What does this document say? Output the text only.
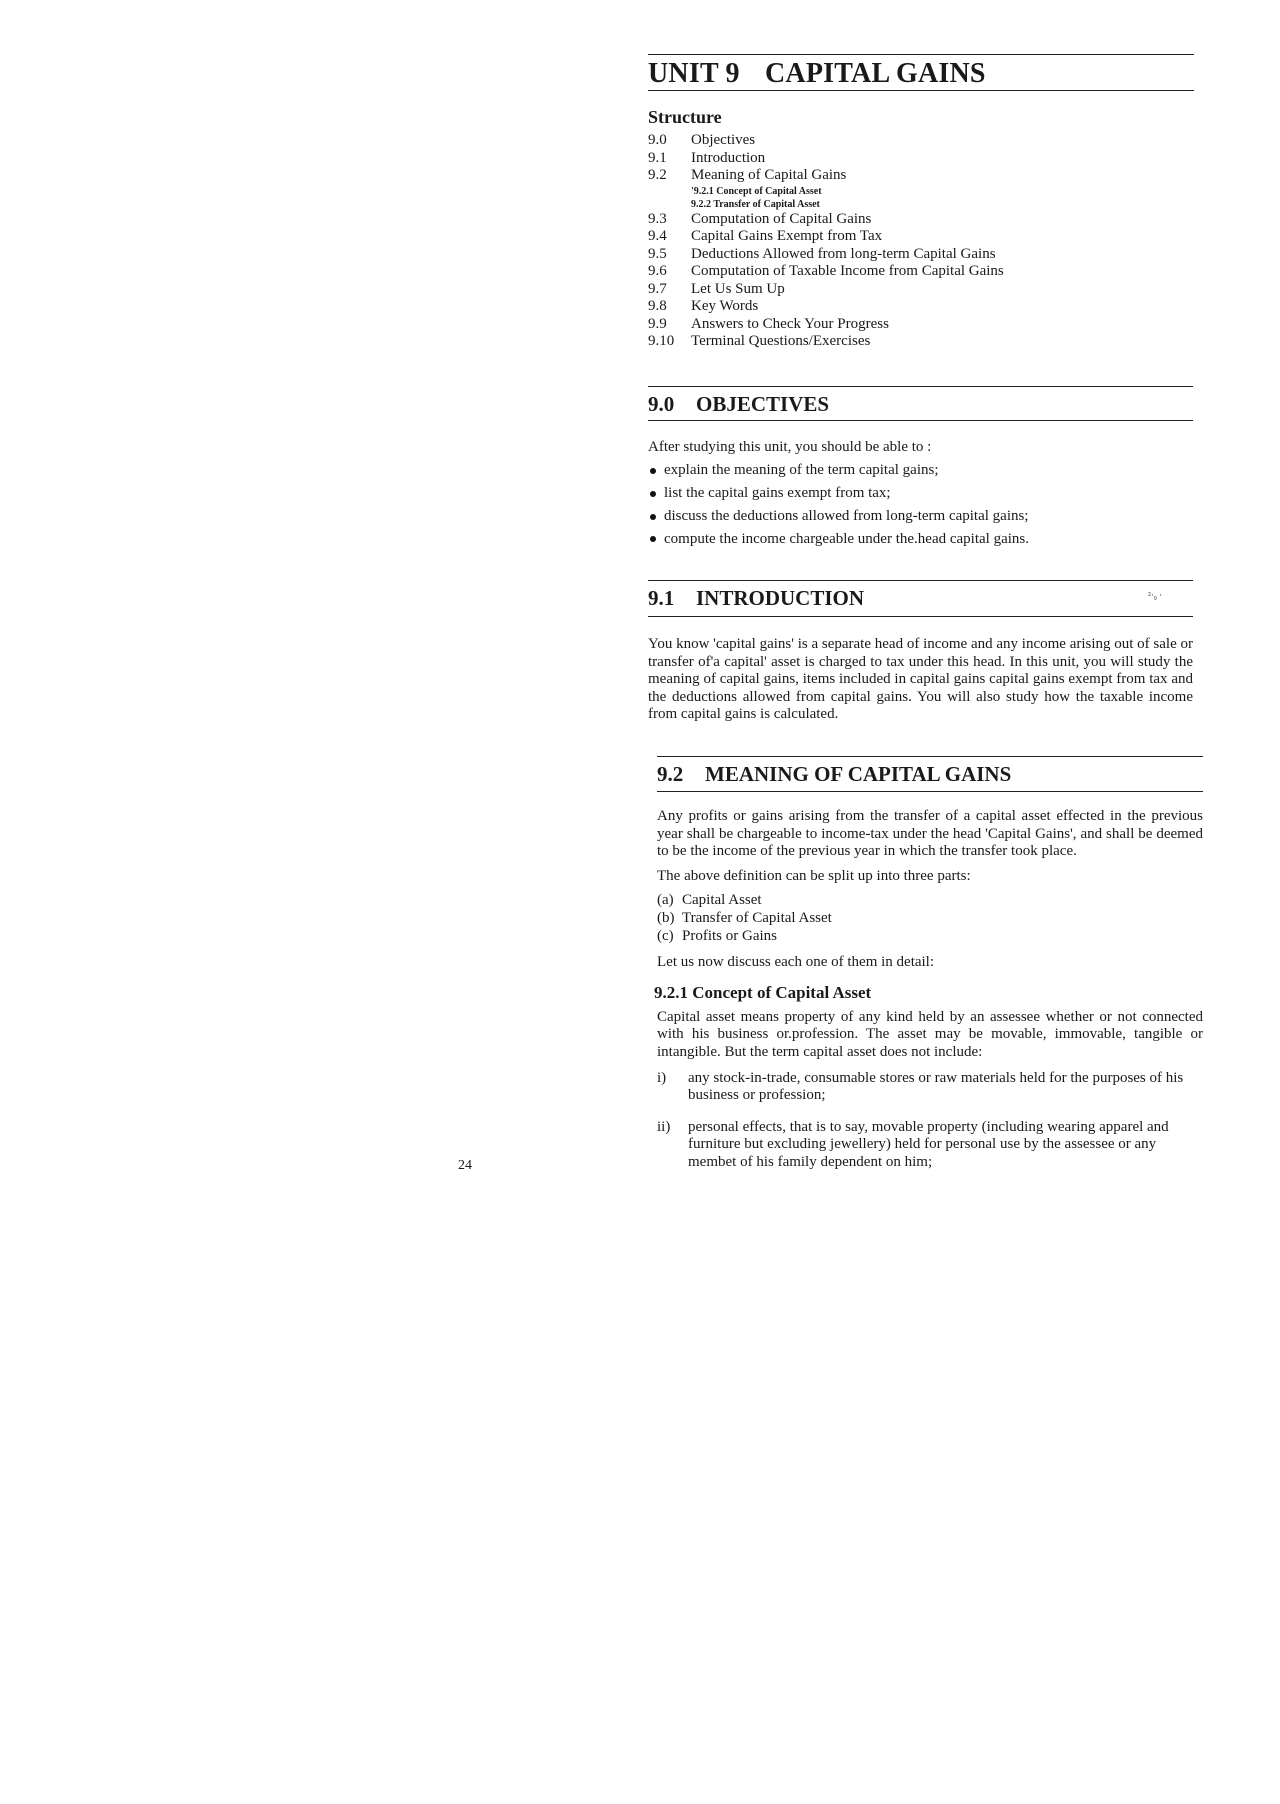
UNIT 9 CAPITAL GAINS
Structure
9.0	Objectives
9.1	Introduction
9.2	Meaning of Capital Gains
'9.2.1 Concept of Capital Asset
9.2.2 Transfer of Capital Asset
9.3	Computation of Capital Gains
9.4	Capital Gains Exempt from Tax
9.5	Deductions Allowed from long-term Capital Gains
9.6	Computation of Taxable Income from Capital Gains
9.7	Let Us Sum Up
9.8	Key Words
9.9	Answers to Check Your Progress
9.10	Terminal Questions/Exercises
9.0 OBJECTIVES

After studying this unit, you should be able to :

explain the meaning of the term capital gains;
list the capital gains exempt from tax;
discuss the deductions allowed from long-term capital gains;
compute the income chargeable under the.head capital gains.
9.1 INTRODUCTION	²·₉ ·

You know 'capital gains' is a separate head of income and any income arising out of sale or transfer of'a capital' asset is charged to tax under this head. In this unit, you will study the meaning of capital gains, items included in capital gains capital gains exempt from tax and the deductions allowed from capital gains. You will also study how the taxable income from capital gains is calculated.

9.2 MEANING OF CAPITAL GAINS

Any profits or gains arising from the transfer of a capital asset effected in the previous year shall be chargeable to income-tax under the head 'Capital Gains', and shall be deemed to be the income of the previous year in which the transfer took place.

The above definition can be split up into three parts:

(a) Capital Asset
(b) Transfer of Capital Asset
(c) Profits or Gains

Let us now discuss each one of them in detail:

9.2.1 Concept of Capital Asset

Capital asset means property of any kind held by an assessee whether or not connected with his business or.profession. The asset may be movable, immovable, tangible or intangible. But the term capital asset does not include:

i)	any stock-in-trade, consumable stores or raw materials held for the purposes of his business or profession;
ii)	personal effects, that is to say, movable property (including wearing apparel and furniture but excluding jewellery) held for personal use by the assessee or any membet of his family dependent on him;
24
